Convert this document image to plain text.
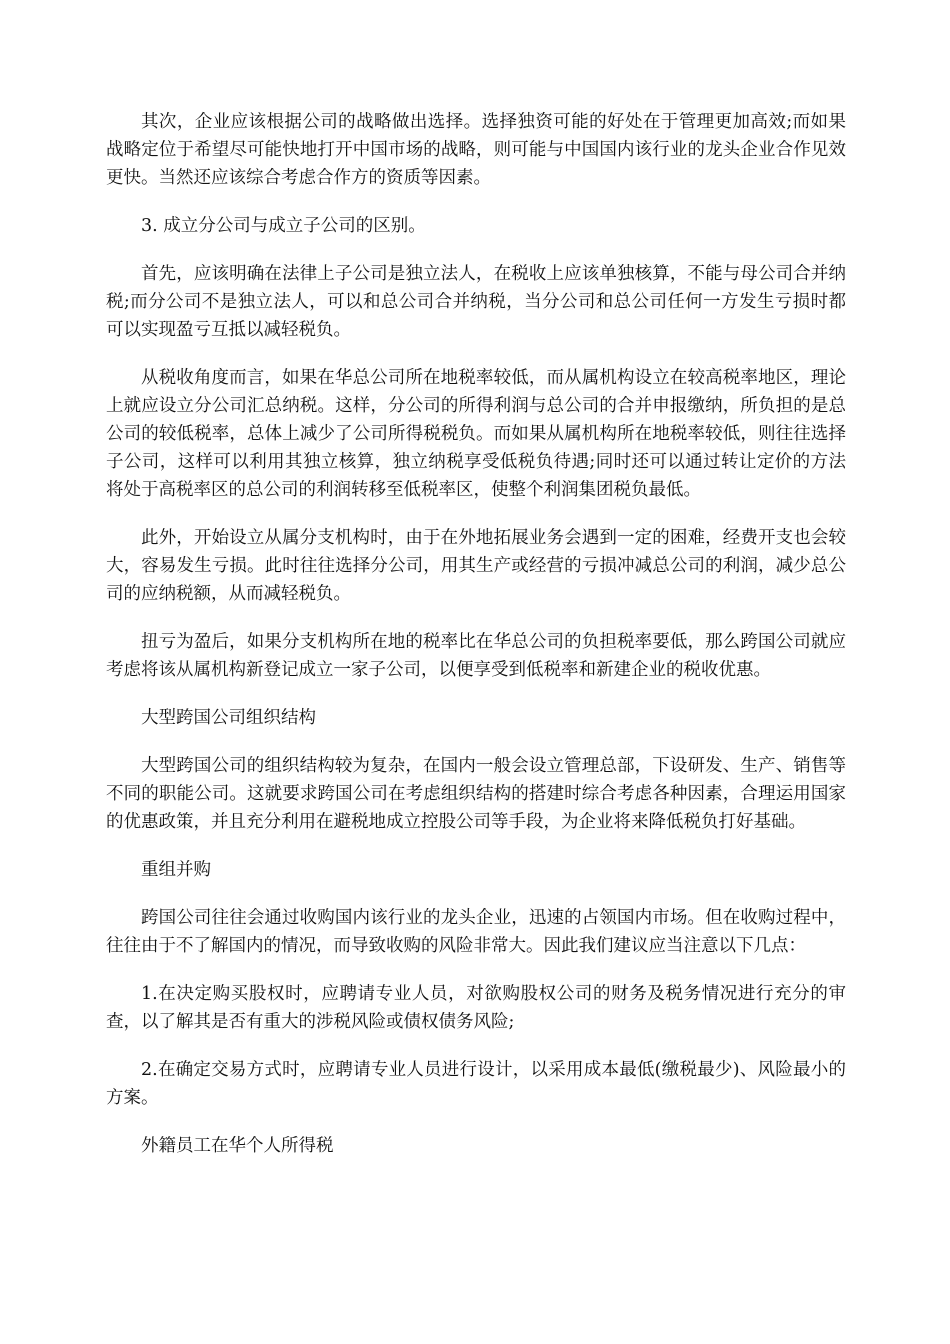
其次，企业应该根据公司的战略做出选择。选择独资可能的好处在于管理更加高效;而如果战略定位于希望尽可能快地打开中国市场的战略，则可能与中国国内该行业的龙头企业合作见效更快。当然还应该综合考虑合作方的资质等因素。

3. 成立分公司与成立子公司的区别。

首先，应该明确在法律上子公司是独立法人，在税收上应该单独核算，不能与母公司合并纳税;而分公司不是独立法人，可以和总公司合并纳税，当分公司和总公司任何一方发生亏损时都可以实现盈亏互抵以减轻税负。

从税收角度而言，如果在华总公司所在地税率较低，而从属机构设立在较高税率地区，理论上就应设立分公司汇总纳税。这样，分公司的所得利润与总公司的合并申报缴纳，所负担的是总公司的较低税率，总体上减少了公司所得税税负。而如果从属机构所在地税率较低，则往往选择子公司，这样可以利用其独立核算，独立纳税享受低税负待遇;同时还可以通过转让定价的方法将处于高税率区的总公司的利润转移至低税率区，使整个利润集团税负最低。

此外，开始设立从属分支机构时，由于在外地拓展业务会遇到一定的困难，经费开支也会较大，容易发生亏损。此时往往选择分公司，用其生产或经营的亏损冲减总公司的利润，减少总公司的应纳税额，从而减轻税负。

扭亏为盈后，如果分支机构所在地的税率比在华总公司的负担税率要低，那么跨国公司就应考虑将该从属机构新登记成立一家子公司，以便享受到低税率和新建企业的税收优惠。

大型跨国公司组织结构

大型跨国公司的组织结构较为复杂，在国内一般会设立管理总部，下设研发、生产、销售等不同的职能公司。这就要求跨国公司在考虑组织结构的搭建时综合考虑各种因素，合理运用国家的优惠政策，并且充分利用在避税地成立控股公司等手段，为企业将来降低税负打好基础。

重组并购

跨国公司往往会通过收购国内该行业的龙头企业，迅速的占领国内市场。但在收购过程中，往往由于不了解国内的情况，而导致收购的风险非常大。因此我们建议应当注意以下几点：

1.在决定购买股权时，应聘请专业人员，对欲购股权公司的财务及税务情况进行充分的审查，以了解其是否有重大的涉税风险或债权债务风险;

2.在确定交易方式时，应聘请专业人员进行设计，以采用成本最低(缴税最少)、风险最小的方案。

外籍员工在华个人所得税
